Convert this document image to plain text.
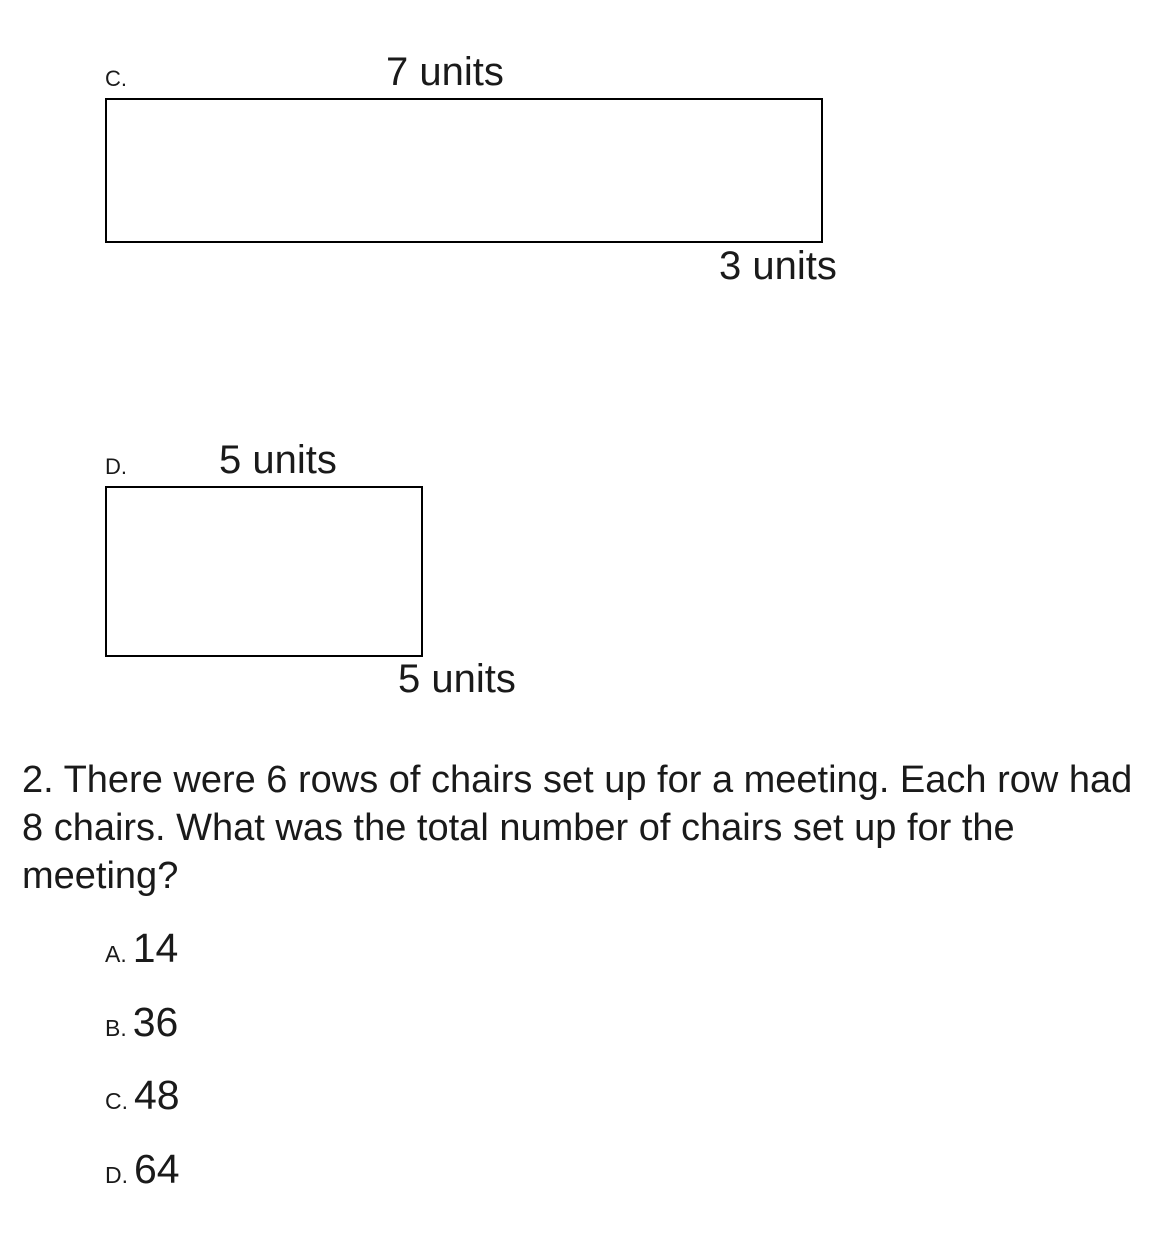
C.	7 units
3 units
D. 5 units
5 units
2. There were 6 rows of chairs set up for a meeting. Each row had 8 chairs. What was the total number of chairs set up for the meeting?
A. 14
B. 36
C. 48
D. 64
